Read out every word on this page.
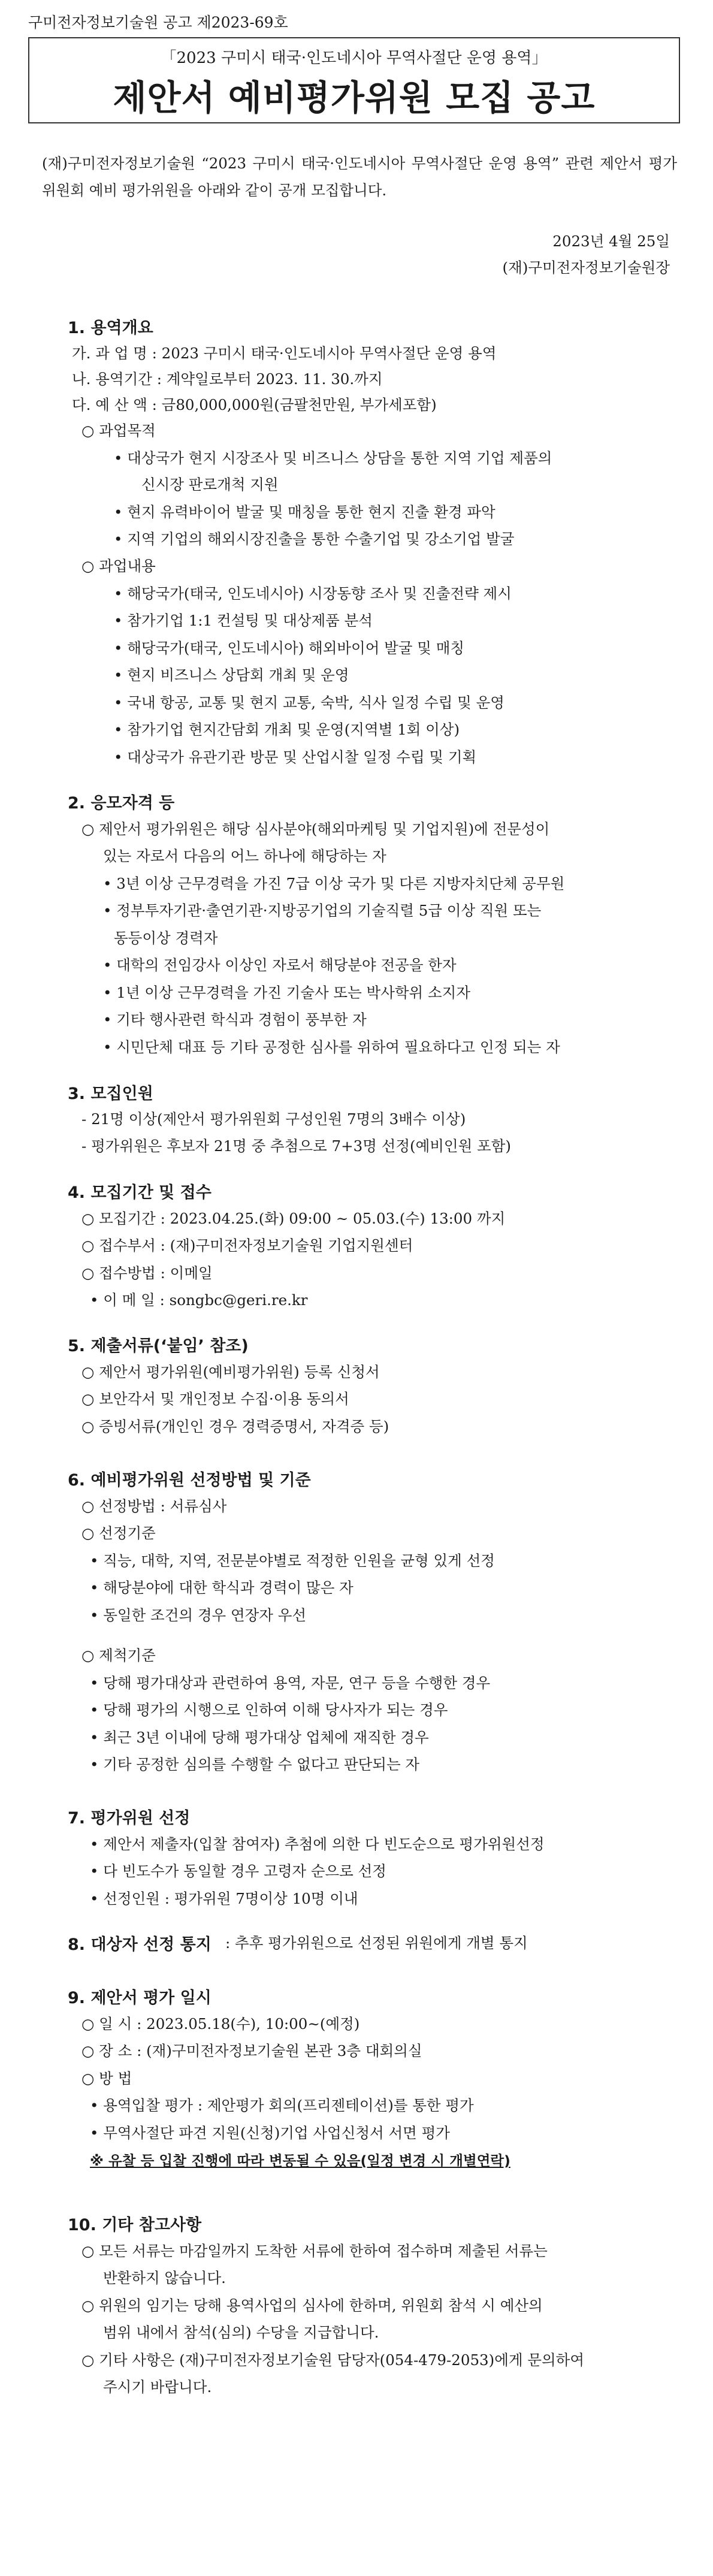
구미전자정보기술원 공고 제2023-69호
「2023 구미시 태국·인도네시아 무역사절단 운영 용역」
제안서 예비평가위원 모집 공고
(재)구미전자정보기술원 “2023 구미시 태국·인도네시아 무역사절단 운영 용역” 관련 제안서 평가위원회 예비 평가위원을 아래와 같이 공개 모집합니다.
2023년 4월 25일
(재)구미전자정보기술원장
1. 용역개요
가. 과 업 명 : 2023 구미시 태국·인도네시아 무역사절단 운영 용역
나. 용역기간 : 계약일로부터 2023. 11. 30.까지
다. 예 산 액 : 금80,000,000원(금팔천만원, 부가세포함)
○ 과업목적
• 대상국가 현지 시장조사 및 비즈니스 상담을 통한 지역 기업 제품의
신시장 판로개척 지원
• 현지 유력바이어 발굴 및 매칭을 통한 현지 진출 환경 파악
• 지역 기업의 해외시장진출을 통한 수출기업 및 강소기업 발굴
○ 과업내용
• 해당국가(태국, 인도네시아) 시장동향 조사 및 진출전략 제시
• 참가기업 1:1 컨설팅 및 대상제품 분석
• 해당국가(태국, 인도네시아) 해외바이어 발굴 및 매칭
• 현지 비즈니스 상담회 개최 및 운영
• 국내 항공, 교통 및 현지 교통, 숙박, 식사 일정 수립 및 운영
• 참가기업 현지간담회 개최 및 운영(지역별 1회 이상)
• 대상국가 유관기관 방문 및 산업시찰 일정 수립 및 기획
2. 응모자격 등
○ 제안서 평가위원은 해당 심사분야(해외마케팅 및 기업지원)에 전문성이
있는 자로서 다음의 어느 하나에 해당하는 자
• 3년 이상 근무경력을 가진 7급 이상 국가 및 다른 지방자치단체 공무원
• 정부투자기관·출연기관·지방공기업의 기술직렬 5급 이상 직원 또는
동등이상 경력자
• 대학의 전임강사 이상인 자로서 해당분야 전공을 한자
• 1년 이상 근무경력을 가진 기술사 또는 박사학위 소지자
• 기타 행사관련 학식과 경험이 풍부한 자
• 시민단체 대표 등 기타 공정한 심사를 위하여 필요하다고 인정 되는 자
3. 모집인원
- 21명 이상(제안서 평가위원회 구성인원 7명의 3배수 이상)
- 평가위원은 후보자 21명 중 추첨으로 7+3명 선정(예비인원 포함)
4. 모집기간 및 접수
○ 모집기간 : 2023.04.25.(화) 09:00 ~ 05.03.(수) 13:00 까지
○ 접수부서 : (재)구미전자정보기술원 기업지원센터
○ 접수방법 : 이메일
• 이 메 일 : songbc@geri.re.kr
5. 제출서류(‘붙임’ 참조)
○ 제안서 평가위원(예비평가위원) 등록 신청서
○ 보안각서 및 개인정보 수집·이용 동의서
○ 증빙서류(개인인 경우 경력증명서, 자격증 등)
6. 예비평가위원 선정방법 및 기준
○ 선정방법 : 서류심사
○ 선정기준
• 직능, 대학, 지역, 전문분야별로 적정한 인원을 균형 있게 선정
• 해당분야에 대한 학식과 경력이 많은 자
• 동일한 조건의 경우 연장자 우선
○ 제척기준
• 당해 평가대상과 관련하여 용역, 자문, 연구 등을 수행한 경우
• 당해 평가의 시행으로 인하여 이해 당사자가 되는 경우
• 최근 3년 이내에 당해 평가대상 업체에 재직한 경우
• 기타 공정한 심의를 수행할 수 없다고 판단되는 자
7. 평가위원 선정
• 제안서 제출자(입찰 참여자) 추첨에 의한 다 빈도순으로 평가위원선정
• 다 빈도수가 동일할 경우 고령자 순으로 선정
• 선정인원 : 평가위원 7명이상 10명 이내
8. 대상자 선정 통지 : 추후 평가위원으로 선정된 위원에게 개별 통지
9. 제안서 평가 일시
○ 일 시 : 2023.05.18(수), 10:00~(예정)
○ 장 소 : (재)구미전자정보기술원 본관 3층 대회의실
○ 방 법
• 용역입찰 평가 : 제안평가 회의(프리젠테이션)를 통한 평가
• 무역사절단 파견 지원(신청)기업 사업신청서 서면 평가
※ 유찰 등 입찰 진행에 따라 변동될 수 있음(일정 변경 시 개별연락)
10. 기타 참고사항
○ 모든 서류는 마감일까지 도착한 서류에 한하여 접수하며 제출된 서류는
반환하지 않습니다.
○ 위원의 임기는 당해 용역사업의 심사에 한하며, 위원회 참석 시 예산의
범위 내에서 참석(심의) 수당을 지급합니다.
○ 기타 사항은 (재)구미전자정보기술원 담당자(054-479-2053)에게 문의하여
주시기 바랍니다.
